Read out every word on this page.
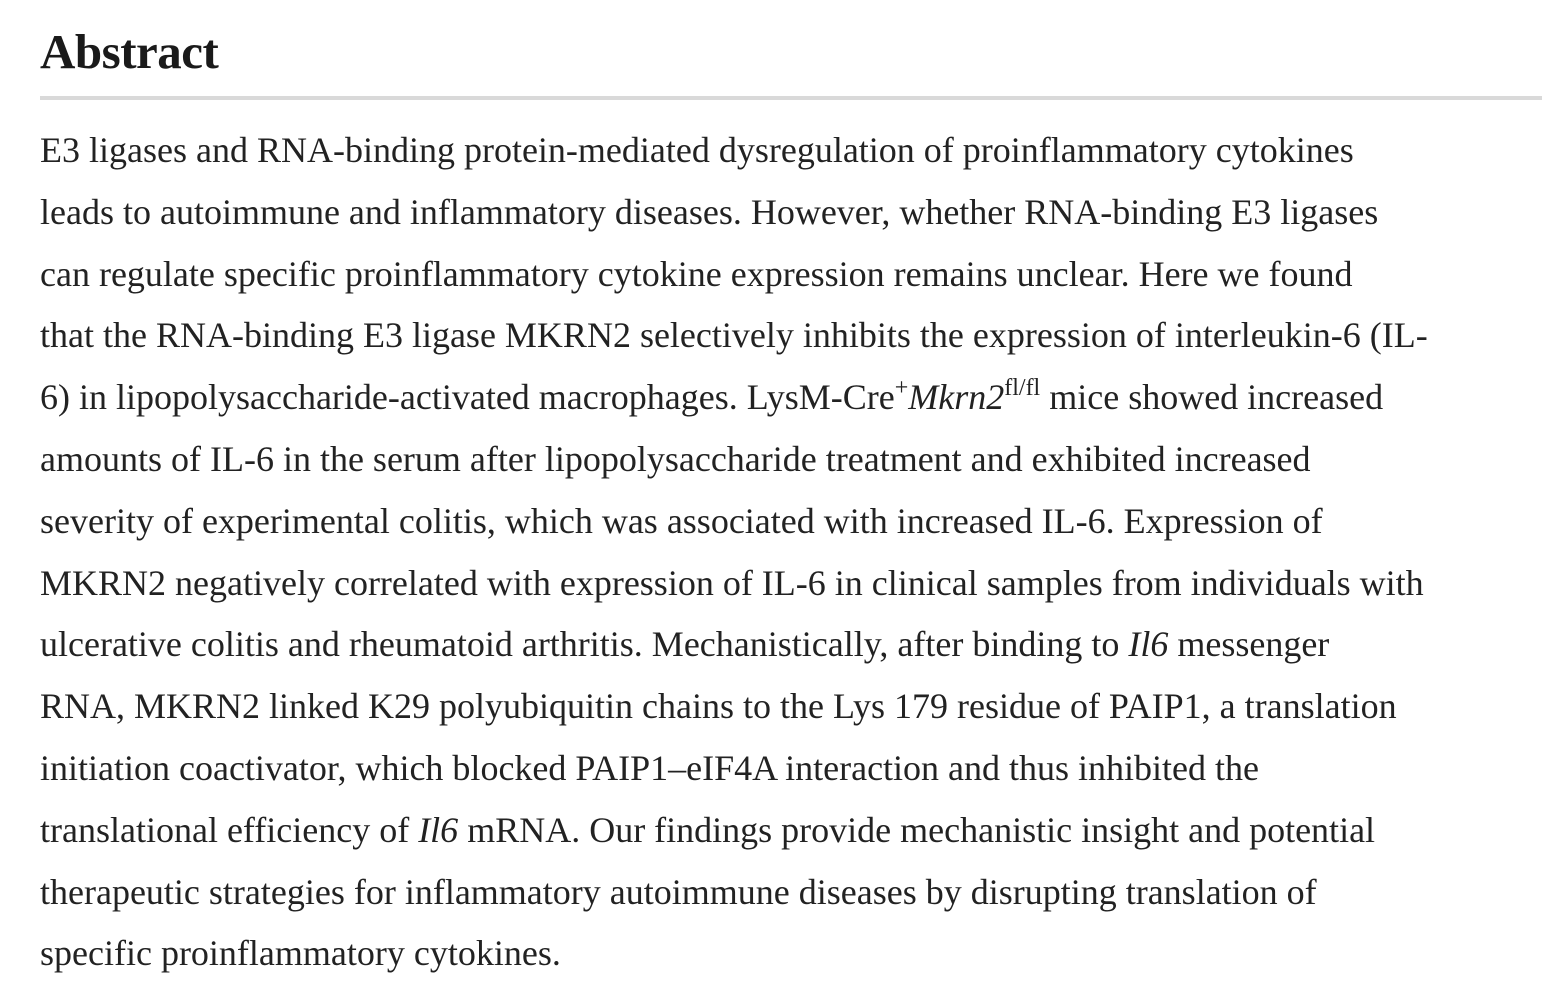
Abstract

E3 ligases and RNA-binding protein-mediated dysregulation of proinflammatory cytokines
leads to autoimmune and inflammatory diseases. However, whether RNA-binding E3 ligases
can regulate specific proinflammatory cytokine expression remains unclear. Here we found
that the RNA-binding E3 ligase MKRN2 selectively inhibits the expression of interleukin-6 (IL-
6) in lipopolysaccharide-activated macrophages. LysM-$Cre^+Mkrn2^{fl/fl}$ mice showed increased
amounts of IL-6 in the serum after lipopolysaccharide treatment and exhibited increased
severity of experimental colitis, which was associated with increased IL-6. Expression of
MKRN2 negatively correlated with expression of IL-6 in clinical samples from individuals with
ulcerative colitis and rheumatoid arthritis. Mechanistically, after binding to Il6 messenger
RNA, MKRN2 linked K29 polyubiquitin chains to the Lys 179 residue of PAIP1, a translation
initiation coactivator, which blocked PAIP1–eIF4A interaction and thus inhibited the
translational efficiency of Il6 mRNA. Our findings provide mechanistic insight and potential
therapeutic strategies for inflammatory autoimmune diseases by disrupting translation of
specific proinflammatory cytokines.
